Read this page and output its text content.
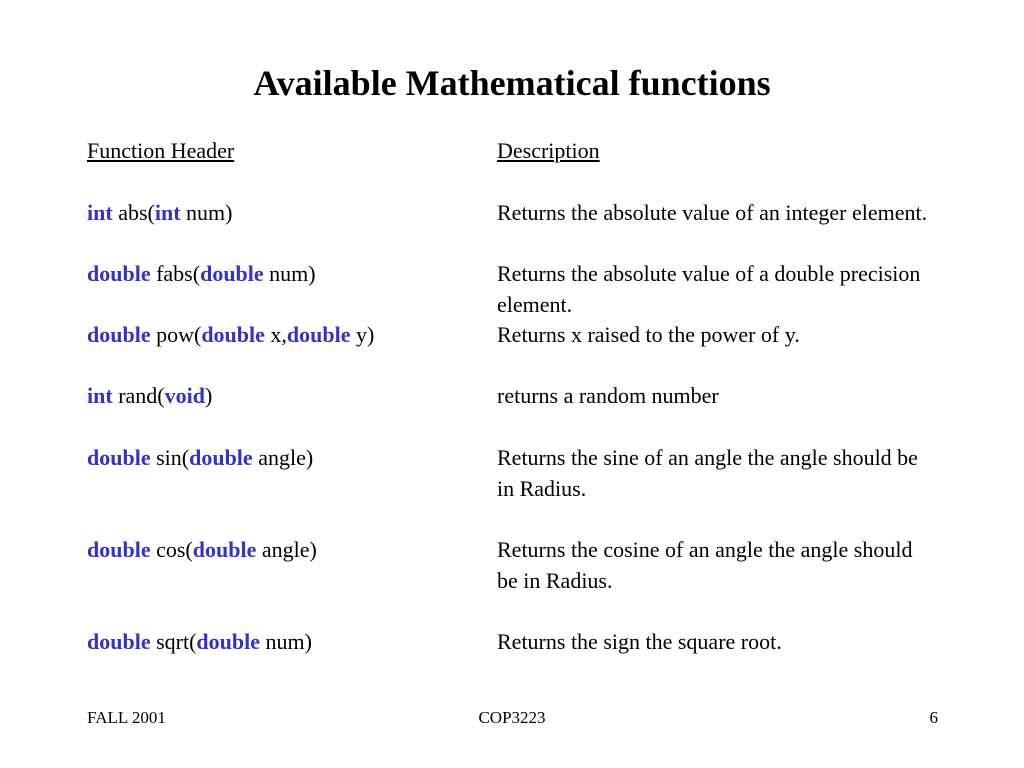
Available Mathematical functions
Function Header	Description
int abs(int num)	Returns the absolute value of an integer element.
double fabs(double num)	Returns the absolute value of a double precision element.
double pow(double x,double y)	Returns x raised to the power of y.
int rand(void)	returns a random number
double sin(double angle)	Returns the sine of an angle the angle should be in Radius.
double cos(double angle)	Returns the cosine of an angle the angle should be in Radius.
double sqrt(double num)	Returns the sign the square root.
FALL 2001	COP3223	6
